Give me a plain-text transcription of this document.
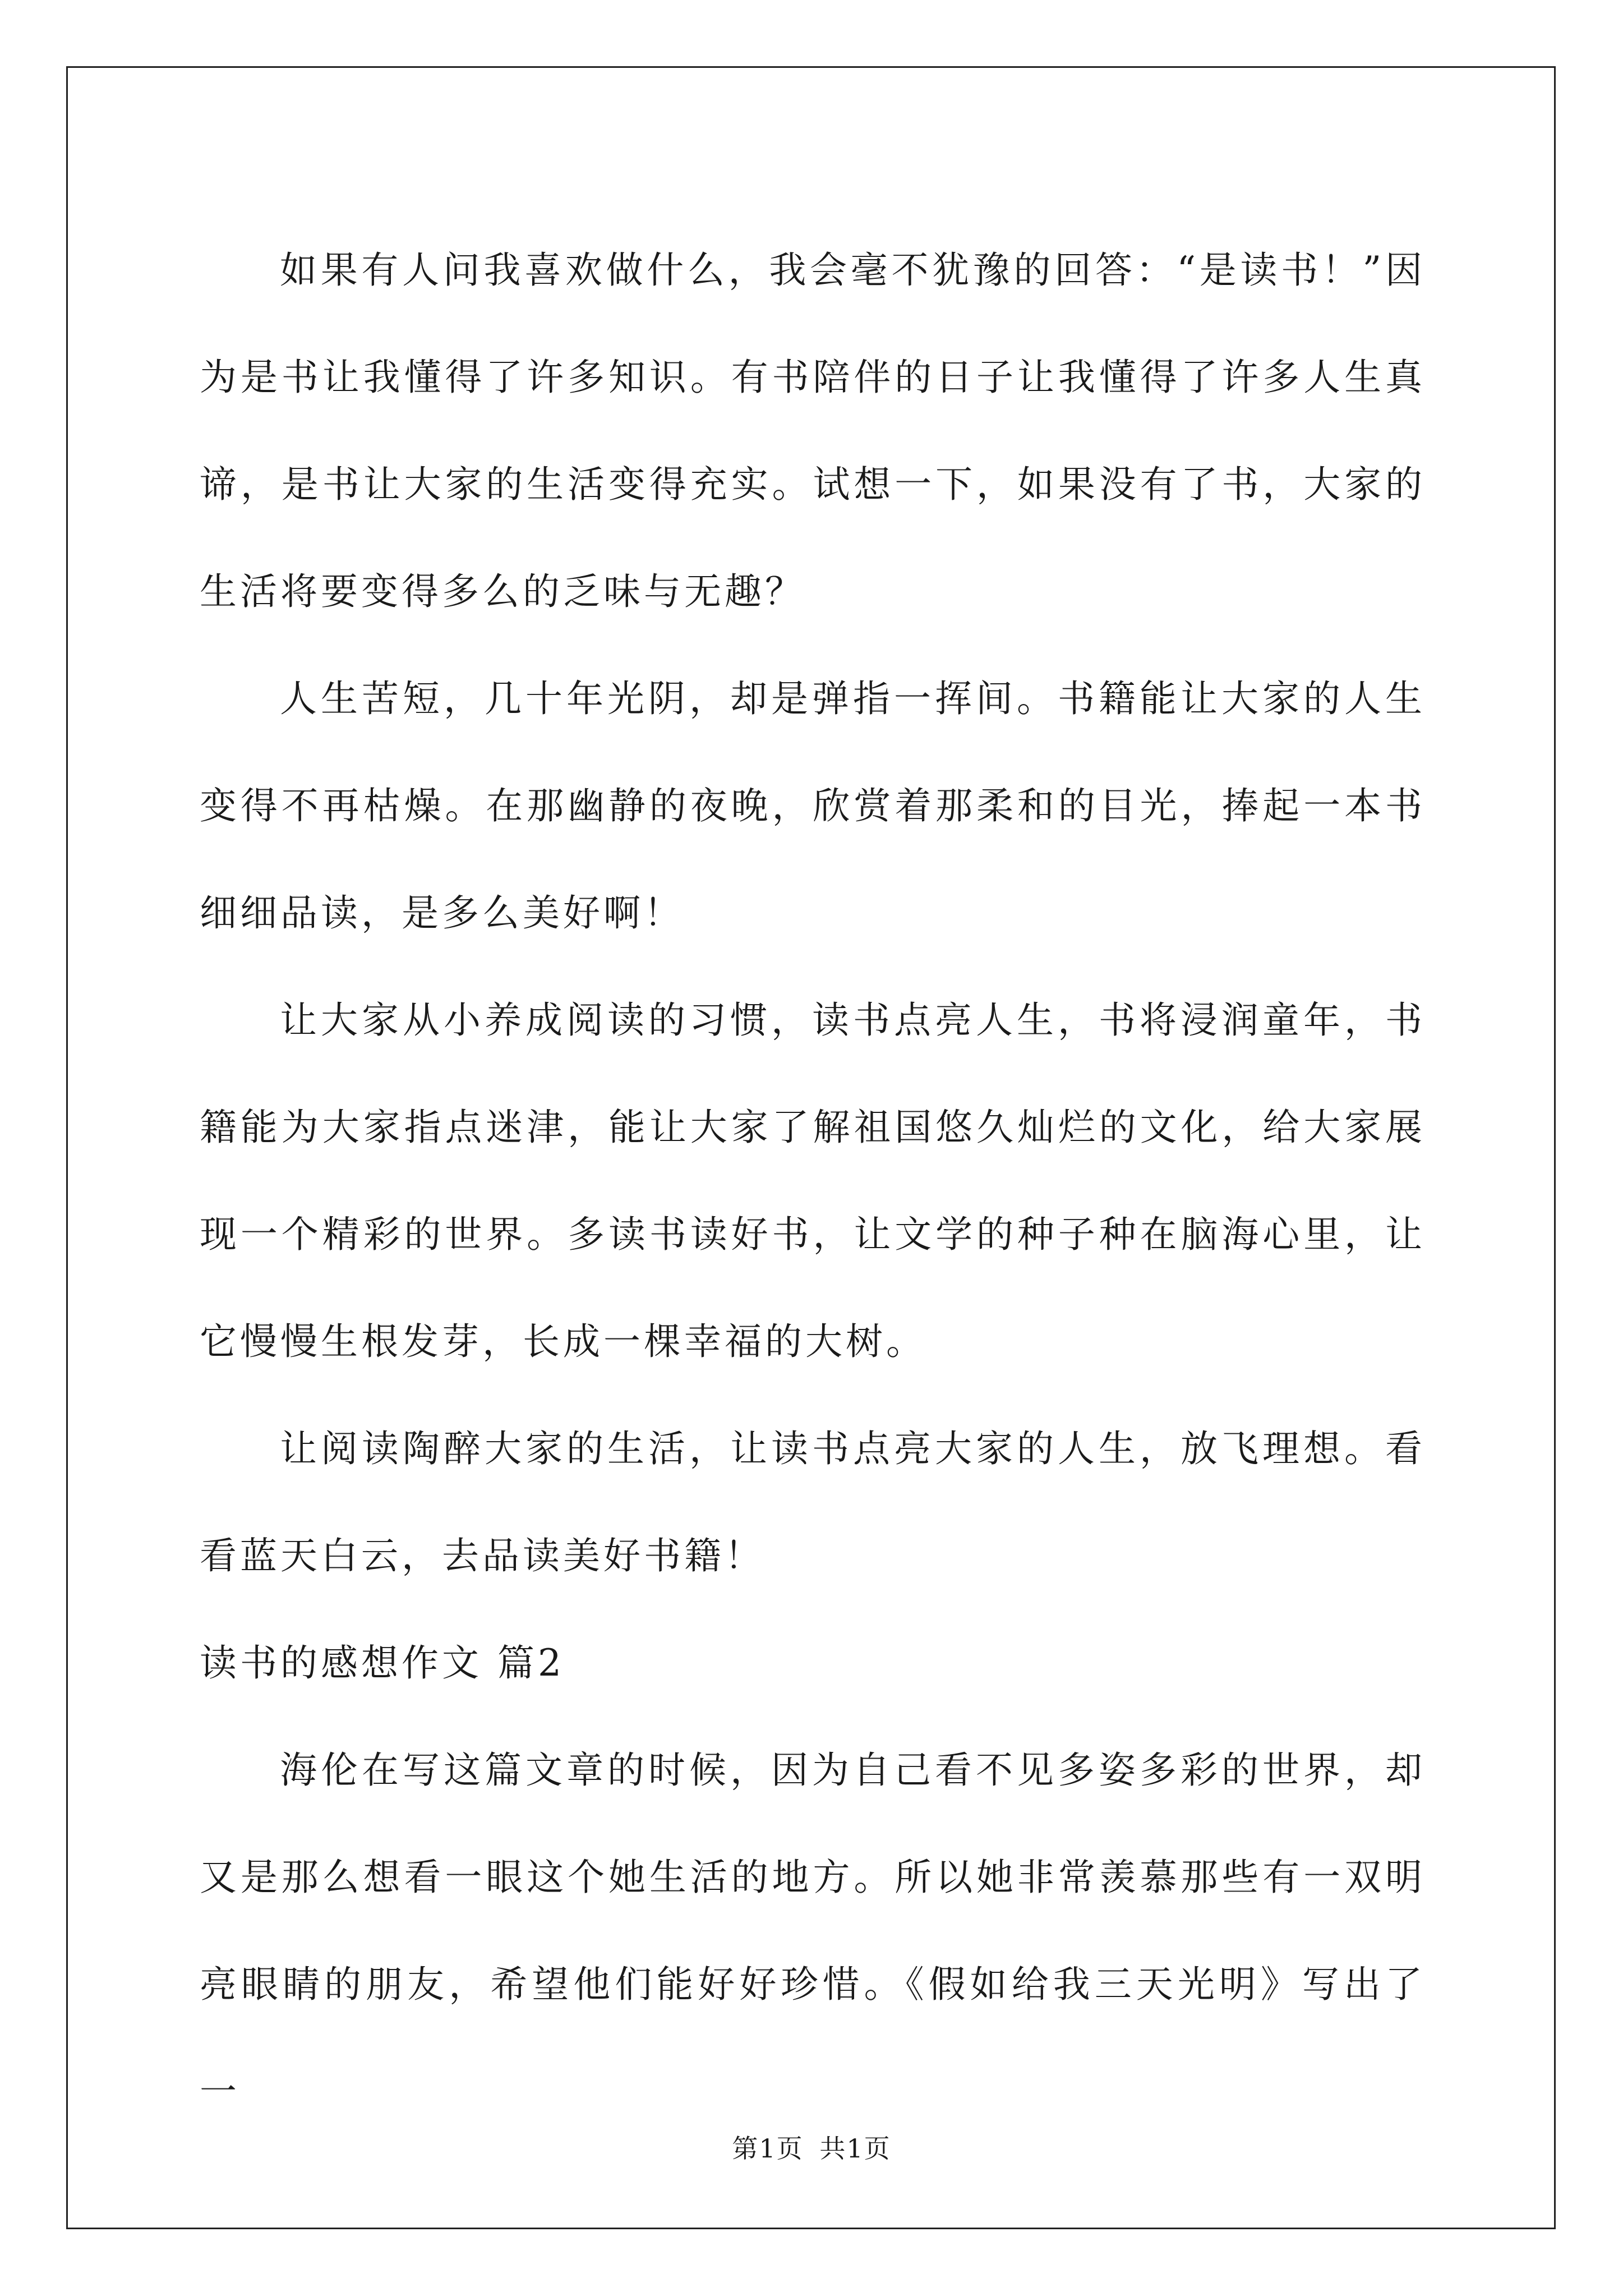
如果有人问我喜欢做什么，我会毫不犹豫的回答：“是读书！”因为是书让我懂得了许多知识。有书陪伴的日子让我懂得了许多人生真谛，是书让大家的生活变得充实。试想一下，如果没有了书，大家的生活将要变得多么的乏味与无趣？

人生苦短，几十年光阴，却是弹指一挥间。书籍能让大家的人生变得不再枯燥。在那幽静的夜晚，欣赏着那柔和的目光，捧起一本书细细品读，是多么美好啊！

让大家从小养成阅读的习惯，读书点亮人生，书将浸润童年，书籍能为大家指点迷津，能让大家了解祖国悠久灿烂的文化，给大家展现一个精彩的世界。多读书读好书，让文学的种子种在脑海心里，让它慢慢生根发芽，长成一棵幸福的大树。

让阅读陶醉大家的生活，让读书点亮大家的人生，放飞理想。看看蓝天白云，去品读美好书籍！

读书的感想作文 篇2

海伦在写这篇文章的时候，因为自己看不见多姿多彩的世界，却又是那么想看一眼这个她生活的地方。所以她非常羡慕那些有一双明亮眼睛的朋友，希望他们能好好珍惜。《假如给我三天光明》写出了一

第1页 共1页
